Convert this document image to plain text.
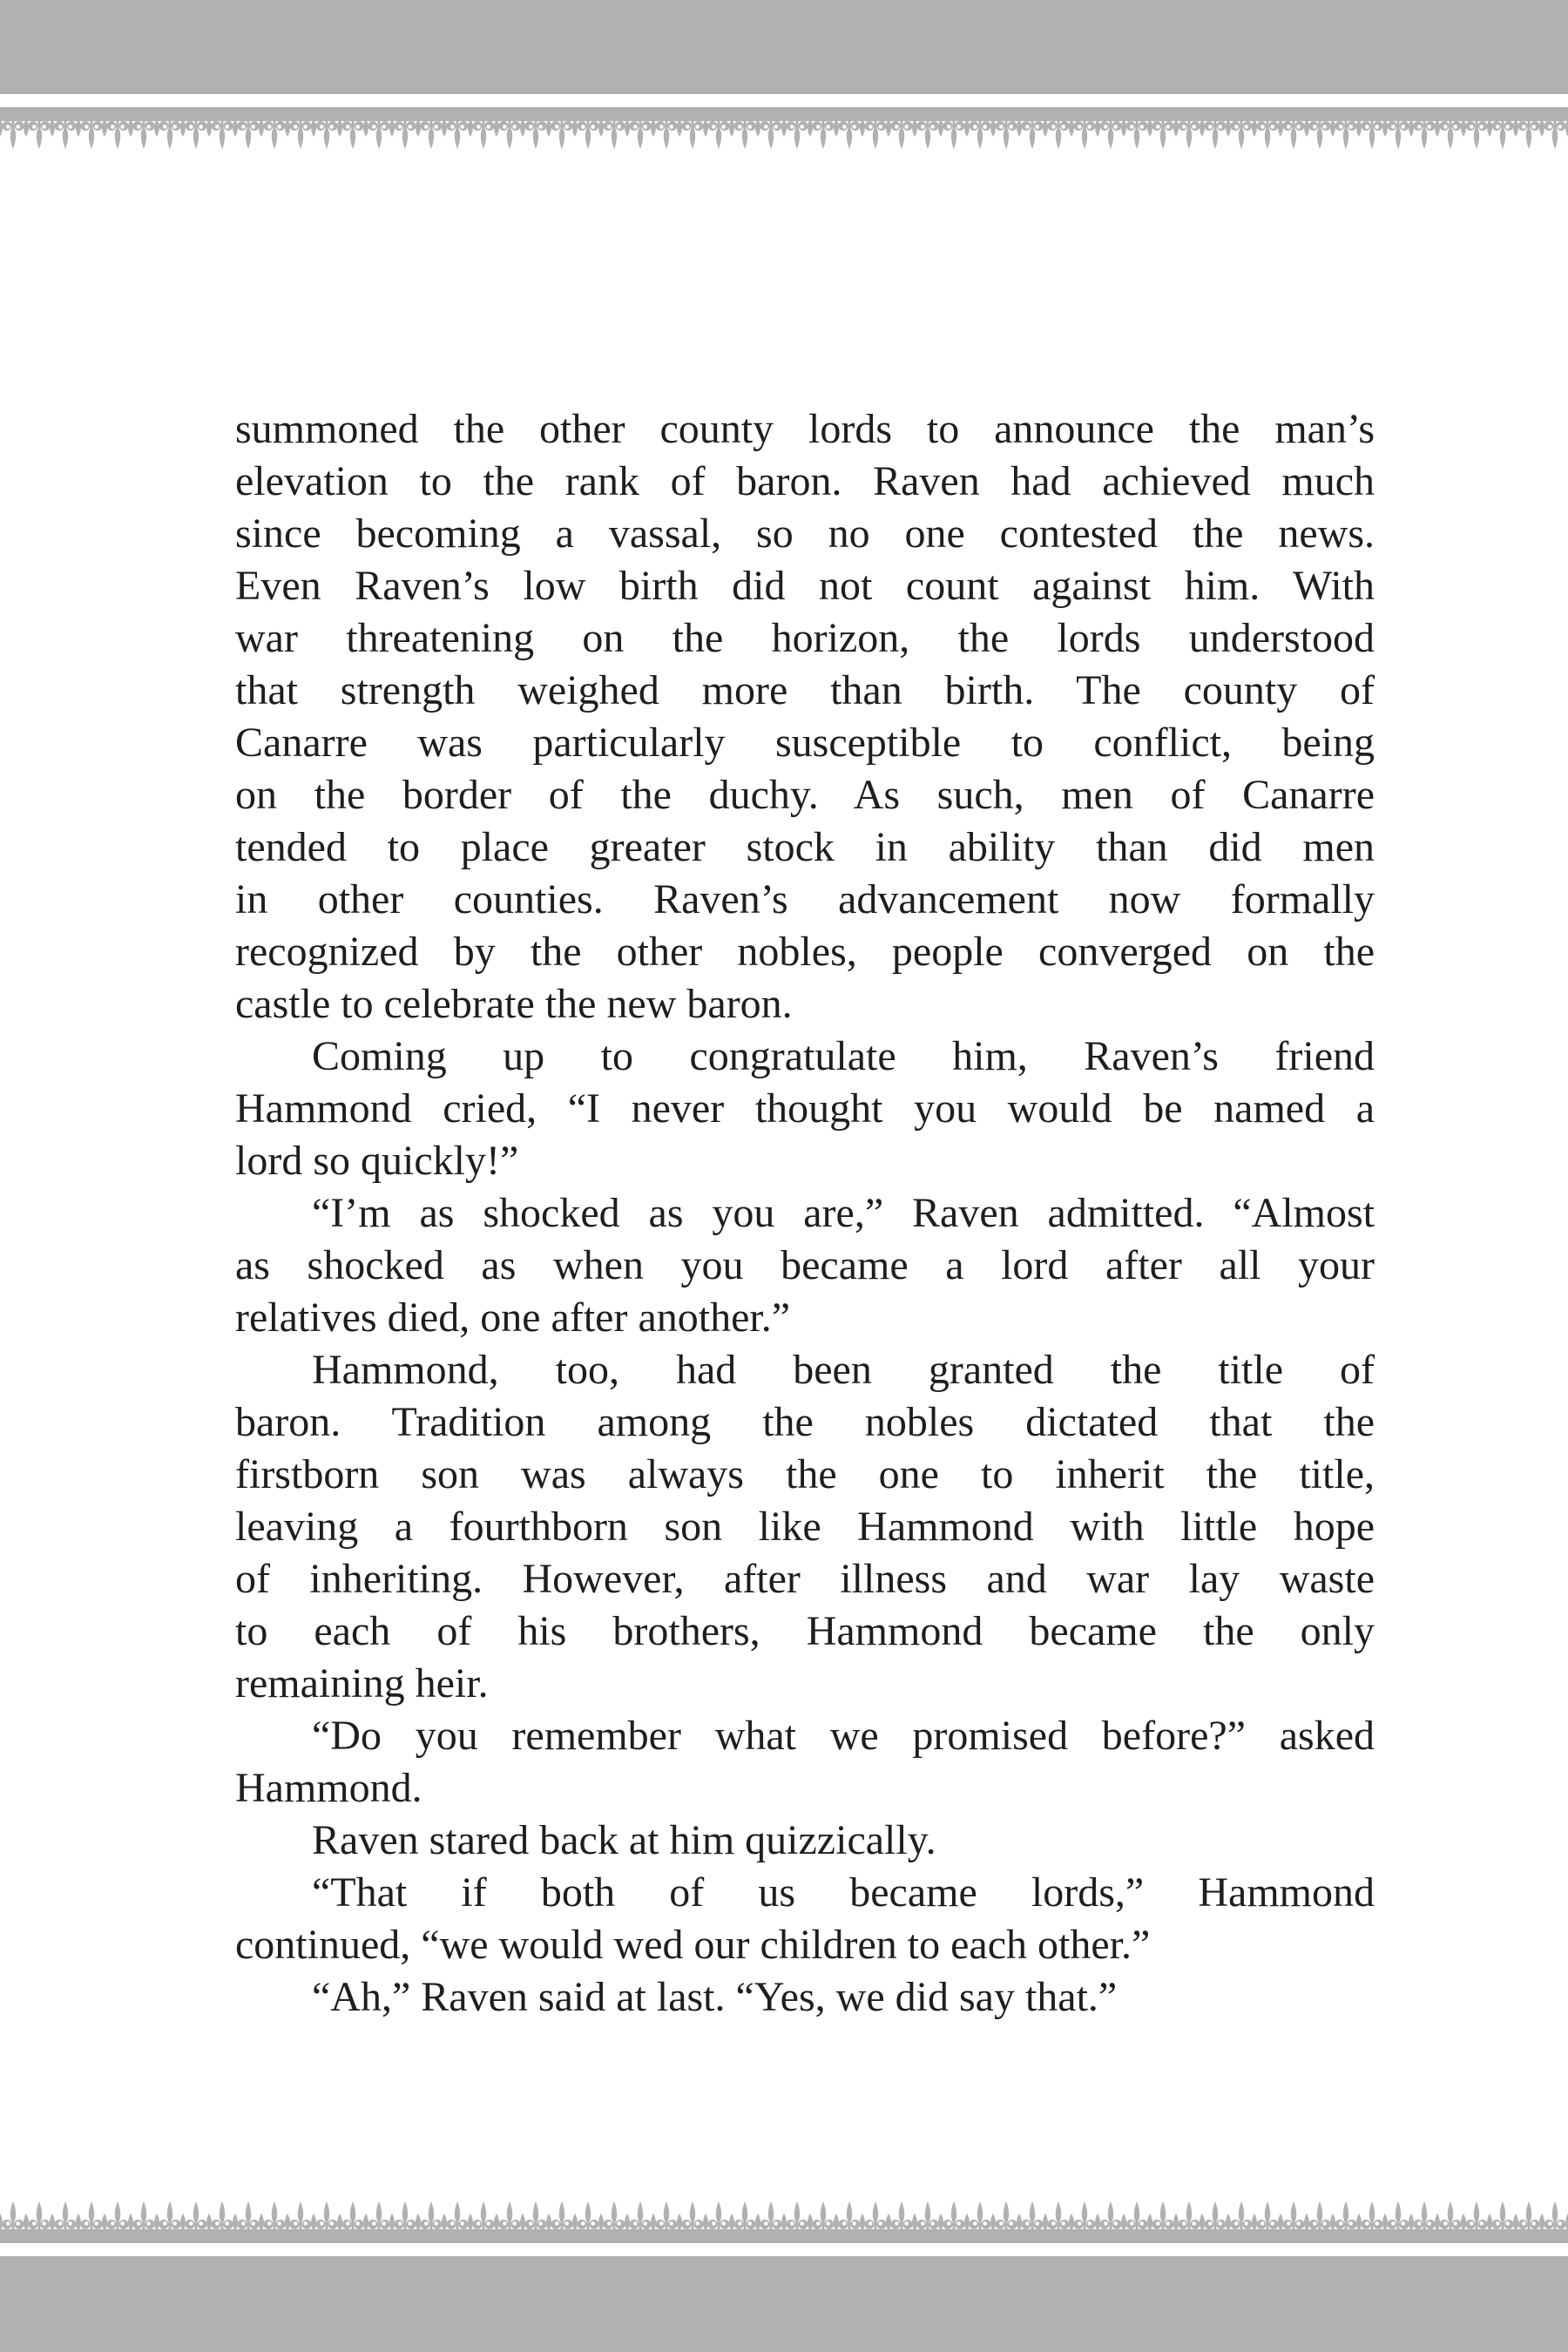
summoned the other county lords to announce the man’s
elevation to the rank of baron. Raven had achieved much
since becoming a vassal, so no one contested the news.
Even Raven’s low birth did not count against him. With
war threatening on the horizon, the lords understood
that strength weighed more than birth. The county of
Canarre was particularly susceptible to conflict, being
on the border of the duchy. As such, men of Canarre
tended to place greater stock in ability than did men
in other counties. Raven’s advancement now formally
recognized by the other nobles, people converged on the
castle to celebrate the new baron.
Coming up to congratulate him, Raven’s friend
Hammond cried, “I never thought you would be named a
lord so quickly!”
“I’m as shocked as you are,” Raven admitted. “Almost
as shocked as when you became a lord after all your
relatives died, one after another.”
Hammond, too, had been granted the title of
baron. Tradition among the nobles dictated that the
firstborn son was always the one to inherit the title,
leaving a fourthborn son like Hammond with little hope
of inheriting. However, after illness and war lay waste
to each of his brothers, Hammond became the only
remaining heir.
“Do you remember what we promised before?” asked
Hammond.
Raven stared back at him quizzically.
“That if both of us became lords,” Hammond
continued, “we would wed our children to each other.”
“Ah,” Raven said at last. “Yes, we did say that.”
